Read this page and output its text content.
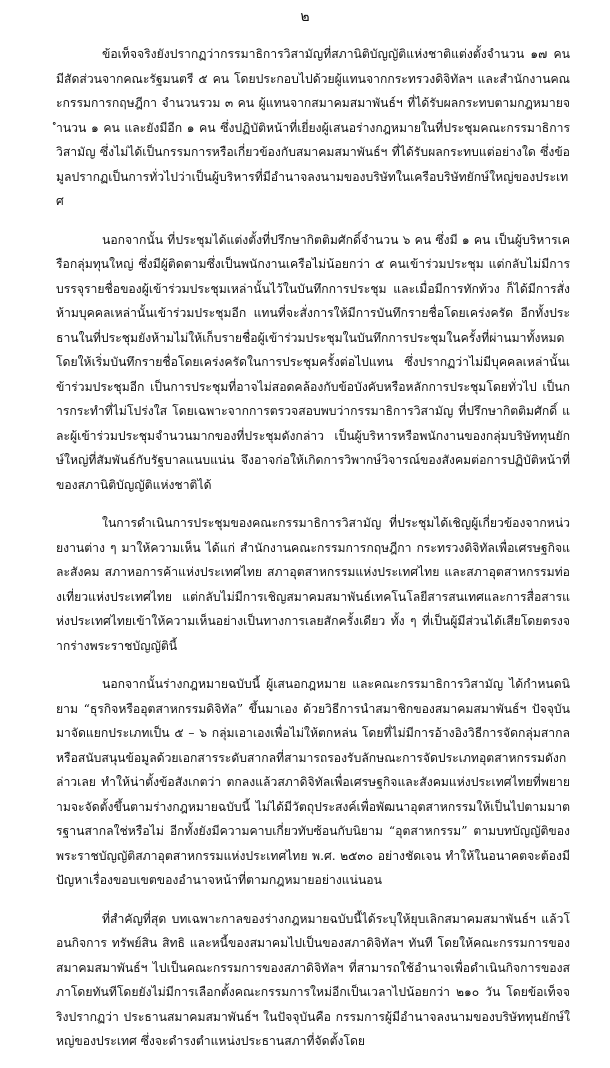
๒

ข้อเท็จจริงยังปรากฏว่ากรรมาธิการวิสามัญที่สภานิติบัญญัติแห่งชาติแต่งตั้งจำนวน ๑๗ คนมีสัดส่วนจากคณะรัฐมนตรี ๕ คน โดยประกอบไปด้วยผู้แทนจากกระทรวงดิจิทัลฯ และสำนักงานคณะกรรมการกฤษฎีกา จำนวนรวม ๓ คน ผู้แทนจากสมาคมสมาพันธ์ฯ ที่ได้รับผลกระทบตามกฎหมายจำนวน ๑ คน และยังมีอีก ๑ คน ซึ่งปฏิบัติหน้าที่เยี่ยงผู้เสนอร่างกฎหมายในที่ประชุมคณะกรรมาธิการวิสามัญ ซึ่งไม่ได้เป็นกรรมการหรือเกี่ยวข้องกับสมาคมสมาพันธ์ฯ ที่ได้รับผลกระทบแต่อย่างใด ซึ่งข้อมูลปรากฏเป็นการทั่วไปว่าเป็นผู้บริหารที่มีอำนาจลงนามของบริษัทในเครือบริษัทยักษ์ใหญ่ของประเทศ

นอกจากนั้น ที่ประชุมได้แต่งตั้งที่ปรึกษากิตติมศักดิ์จำนวน ๖ คน ซึ่งมี ๑ คน เป็นผู้บริหารเครือกลุ่มทุนใหญ่ ซึ่งมีผู้ติดตามซึ่งเป็นพนักงานเครือไม่น้อยกว่า ๕ คนเข้าร่วมประชุม แต่กลับไม่มีการบรรจุรายชื่อของผู้เข้าร่วมประชุมเหล่านั้นไว้ในบันทึกการประชุม และเมื่อมีการทักท้วง ก็ได้มีการสั่งห้ามบุคคลเหล่านั้นเข้าร่วมประชุมอีก แทนที่จะสั่งการให้มีการบันทึกรายชื่อโดยเคร่งครัด อีกทั้งประธานในที่ประชุมยังห้ามไม่ให้เก็บรายชื่อผู้เข้าร่วมประชุมในบันทึกการประชุมในครั้งที่ผ่านมาทั้งหมด โดยให้เริ่มบันทึกรายชื่อโดยเคร่งครัดในการประชุมครั้งต่อไปแทน ซึ่งปรากฏว่าไม่มีบุคคลเหล่านั้นเข้าร่วมประชุมอีก เป็นการประชุมที่อาจไม่สอดคล้องกับข้อบังคับหรือหลักการประชุมโดยทั่วไป เป็นการกระทำที่ไม่โปร่งใส โดยเฉพาะจากการตรวจสอบพบว่ากรรมาธิการวิสามัญ ที่ปรึกษากิตติมศักดิ์ และผู้เข้าร่วมประชุมจำนวนมากของที่ประชุมดังกล่าว เป็นผู้บริหารหรือพนักงานของกลุ่มบริษัททุนยักษ์ใหญ่ที่สัมพันธ์กับรัฐบาลแนบแน่น จึงอาจก่อให้เกิดการวิพากษ์วิจารณ์ของสังคมต่อการปฏิบัติหน้าที่ของสภานิติบัญญัติแห่งชาติได้

ในการดำเนินการประชุมของคณะกรรมาธิการวิสามัญ ที่ประชุมได้เชิญผู้เกี่ยวข้องจากหน่วยงานต่าง ๆ มาให้ความเห็น ได้แก่ สำนักงานคณะกรรมการกฤษฎีกา กระทรวงดิจิทัลเพื่อเศรษฐกิจและสังคม สภาหอการค้าแห่งประเทศไทย สภาอุตสาหกรรมแห่งประเทศไทย และสภาอุตสาหกรรมท่องเที่ยวแห่งประเทศไทย แต่กลับไม่มีการเชิญสมาคมสมาพันธ์เทคโนโลยีสารสนเทศและการสื่อสารแห่งประเทศไทยเข้าให้ความเห็นอย่างเป็นทางการเลยสักครั้งเดียว ทั้ง ๆ ที่เป็นผู้มีส่วนได้เสียโดยตรงจากร่างพระราชบัญญัตินี้

นอกจากนั้นร่างกฎหมายฉบับนี้ ผู้เสนอกฎหมาย และคณะกรรมาธิการวิสามัญ ได้กำหนดนิยาม “ธุรกิจหรืออุตสาหกรรมดิจิทัล” ขึ้นมาเอง ด้วยวิธีการนำสมาชิกของสมาคมสมาพันธ์ฯ ปัจจุบันมาจัดแยกประเภทเป็น ๕ – ๖ กลุ่มเอาเองเพื่อไม่ให้ตกหล่น โดยที่ไม่มีการอ้างอิงวิธีการจัดกลุ่มสากล หรือสนับสนุนข้อมูลด้วยเอกสารระดับสากลที่สามารถรองรับลักษณะการจัดประเภทอุตสาหกรรมดังกล่าวเลย ทำให้น่าตั้งข้อสังเกตว่า ตกลงแล้วสภาดิจิทัลเพื่อเศรษฐกิจและสังคมแห่งประเทศไทยที่พยายามจะจัดตั้งขึ้นตามร่างกฎหมายฉบับนี้ ไม่ได้มีวัตถุประสงค์เพื่อพัฒนาอุตสาหกรรมให้เป็นไปตามมาตรฐานสากลใช่หรือไม่ อีกทั้งยังมีความคาบเกี่ยวทับซ้อนกับนิยาม “อุตสาหกรรม” ตามบทบัญญัติของพระราชบัญญัติสภาอุตสาหกรรมแห่งประเทศไทย พ.ศ. ๒๕๓๐ อย่างชัดเจน ทำให้ในอนาคตจะต้องมีปัญหาเรื่องขอบเขตของอำนาจหน้าที่ตามกฎหมายอย่างแน่นอน

ที่สำคัญที่สุด บทเฉพาะกาลของร่างกฎหมายฉบับนี้ได้ระบุให้ยุบเลิกสมาคมสมาพันธ์ฯ แล้วโอนกิจการ ทรัพย์สิน สิทธิ และหนี้ของสมาคมไปเป็นของสภาดิจิทัลฯ ทันที โดยให้คณะกรรมการของสมาคมสมาพันธ์ฯ ไปเป็นคณะกรรมการของสภาดิจิทัลฯ ที่สามารถใช้อำนาจเพื่อดำเนินกิจการของสภาโดยทันทีโดยยังไม่มีการเลือกตั้งคณะกรรมการใหม่อีกเป็นเวลาไปน้อยกว่า ๒๑๐ วัน โดยข้อเท็จจริงปรากฏว่า ประธานสมาคมสมาพันธ์ฯ ในปัจจุบันคือ กรรมการผู้มีอำนาจลงนามของบริษัททุนยักษ์ใหญ่ของประเทศ ซึ่งจะดำรงตำแหน่งประธานสภาที่จัดตั้งโดย
